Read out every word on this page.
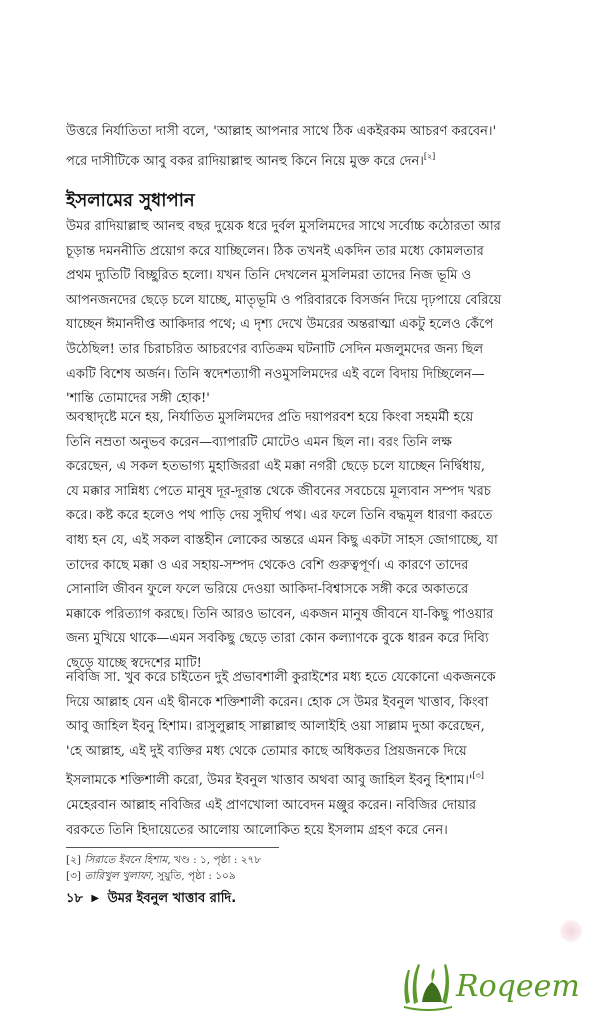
উত্তরে নির্যাতিতা দাসী বলে, 'আল্লাহ আপনার সাথে ঠিক একইরকম আচরণ করবেন।'
পরে দাসীটিকে আবু বকর রাদিয়াল্লাহু আনহু কিনে নিয়ে মুক্ত করে দেন।[২]
ইসলামের সুধাপান
উমর রাদিয়াল্লাহু আনহু বছর দুয়েক ধরে দুর্বল মুসলিমদের সাথে সর্বোচ্চ কঠোরতা আর
চূড়ান্ত দমননীতি প্রয়োগ করে যাচ্ছিলেন। ঠিক তখনই একদিন তার মধ্যে কোমলতার
প্রথম দ্যুতিটি বিচ্ছুরিত হলো। যখন তিনি দেখলেন মুসলিমরা তাদের নিজ ভূমি ও
আপনজনদের ছেড়ে চলে যাচ্ছে, মাতৃভূমি ও পরিবারকে বিসর্জন দিয়ে দৃঢ়পায়ে বেরিয়ে
যাচ্ছেন ঈমানদীপ্ত আকিদার পথে; এ দৃশ্য দেখে উমরের অন্তরাত্মা একটু হলেও কেঁপে
উঠেছিল! তার চিরাচরিত আচরণের ব্যতিক্রম ঘটনাটি সেদিন মজলুমদের জন্য ছিল
একটি বিশেষ অর্জন। তিনি স্বদেশত্যাগী নওমুসলিমদের এই বলে বিদায় দিচ্ছিলেন—
'শান্তি তোমাদের সঙ্গী হোক!'
অবস্থাদৃষ্টে মনে হয়, নির্যাতিত মুসলিমদের প্রতি দয়াপরবশ হয়ে কিংবা সহমর্মী হয়ে
তিনি নম্রতা অনুভব করেন—ব্যাপারটি মোটেও এমন ছিল না। বরং তিনি লক্ষ
করেছেন, এ সকল হতভাগ্য মুহাজিররা এই মক্কা নগরী ছেড়ে চলে যাচ্ছেন নির্দ্বিধায়,
যে মক্কার সান্নিধ্য পেতে মানুষ দূর-দূরান্ত থেকে জীবনের সবচেয়ে মূল্যবান সম্পদ খরচ
করে। কষ্ট করে হলেও পথ পাড়ি দেয় সুদীর্ঘ পথ। এর ফলে তিনি বদ্ধমূল ধারণা করতে
বাধ্য হন যে, এই সকল বাস্তহীন লোকের অন্তরে এমন কিছু একটা সাহস জোগাচ্ছে, যা
তাদের কাছে মক্কা ও এর সহায়-সম্পদ থেকেও বেশি গুরুত্বপূর্ণ। এ কারণে তাদের
সোনালি জীবন ফুলে ফলে ভরিয়ে দেওয়া আকিদা-বিশ্বাসকে সঙ্গী করে অকাতরে
মক্কাকে পরিত্যাগ করছে। তিনি আরও ভাবেন, একজন মানুষ জীবনে যা-কিছু পাওয়ার
জন্য মুখিয়ে থাকে—এমন সবকিছু ছেড়ে তারা কোন কল্যাণকে বুকে ধারন করে দিব্যি
ছেড়ে যাচ্ছে স্বদেশের মাটি!
নবিজি সা. খুব করে চাইতেন দুই প্রভাবশালী কুরাইশের মধ্য হতে যেকোনো একজনকে
দিয়ে আল্লাহ যেন এই দ্বীনকে শক্তিশালী করেন। হোক সে উমর ইবনুল খাত্তাব, কিংবা
আবু জাহিল ইবনু হিশাম। রাসুলুল্লাহ সাল্লাল্লাহু আলাইহি ওয়া সাল্লাম দুআ করেছেন,
'হে আল্লাহ, এই দুই ব্যক্তির মধ্য থেকে তোমার কাছে অধিকতর প্রিয়জনকে দিয়ে
ইসলামকে শক্তিশালী করো, উমর ইবনুল খাত্তাব অথবা আবু জাহিল ইবনু হিশাম।'[৩]
মেহেরবান আল্লাহ নবিজির এই প্রাণখোলা আবেদন মঞ্জুর করেন। নবিজির দোয়ার
বরকতে তিনি হিদায়েতের আলোয় আলোকিত হয়ে ইসলাম গ্রহণ করে নেন।
[২] সিরাতে ইবনে হিশাম, খণ্ড : ১, পৃষ্ঠা : ২৭৮
[৩] তারিখুল খুলাফা, সুয়ুতি, পৃষ্ঠা : ১০৯
১৮ ▶ উমর ইবনুল খাত্তাব রাদি.
Roqeem
